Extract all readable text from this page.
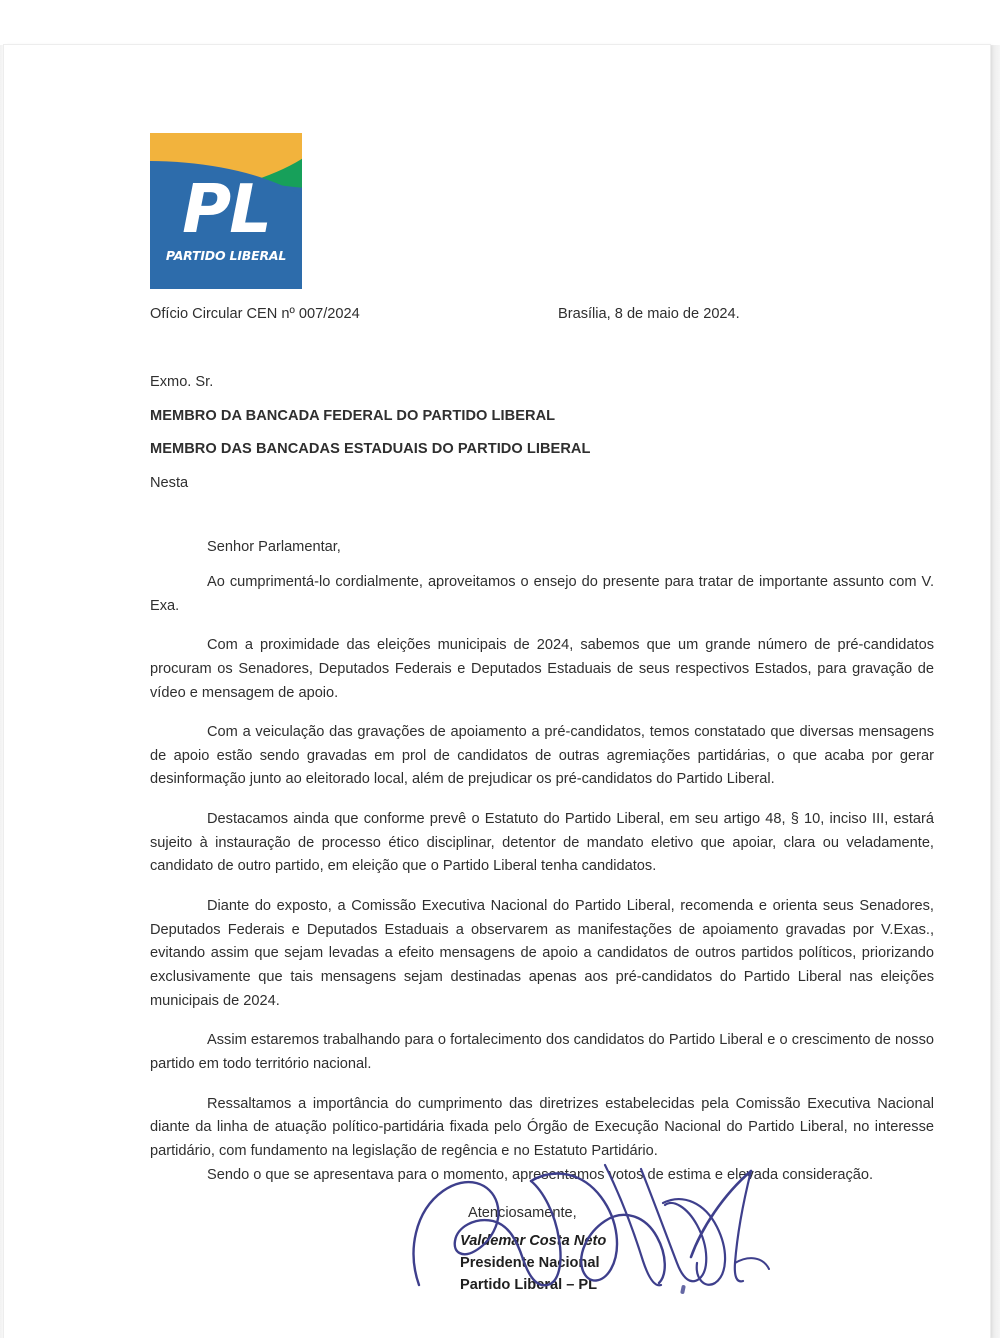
PL
PARTIDO LIBERAL
Ofício Circular CEN nº 007/2024	Brasília, 8 de maio de 2024.
Exmo. Sr.
MEMBRO DA BANCADA FEDERAL DO PARTIDO LIBERAL
MEMBRO DAS BANCADAS ESTADUAIS DO PARTIDO LIBERAL
Nesta
Senhor Parlamentar,

Ao cumprimentá-lo cordialmente, aproveitamos o ensejo do presente para tratar de importante assunto com V. Exa.

Com a proximidade das eleições municipais de 2024, sabemos que um grande número de pré-candidatos procuram os Senadores, Deputados Federais e Deputados Estaduais de seus respectivos Estados, para gravação de vídeo e mensagem de apoio.

Com a veiculação das gravações de apoiamento a pré-candidatos, temos constatado que diversas mensagens de apoio estão sendo gravadas em prol de candidatos de outras agremiações partidárias, o que acaba por gerar desinformação junto ao eleitorado local, além de prejudicar os pré-candidatos do Partido Liberal.

Destacamos ainda que conforme prevê o Estatuto do Partido Liberal, em seu artigo 48, § 10, inciso III, estará sujeito à instauração de processo ético disciplinar, detentor de mandato eletivo que apoiar, clara ou veladamente, candidato de outro partido, em eleição que o Partido Liberal tenha candidatos.

Diante do exposto, a Comissão Executiva Nacional do Partido Liberal, recomenda e orienta seus Senadores, Deputados Federais e Deputados Estaduais a observarem as manifestações de apoiamento gravadas por V.Exas., evitando assim que sejam levadas a efeito mensagens de apoio a candidatos de outros partidos políticos, priorizando exclusivamente que tais mensagens sejam destinadas apenas aos pré-candidatos do Partido Liberal nas eleições municipais de 2024.

Assim estaremos trabalhando para o fortalecimento dos candidatos do Partido Liberal e o crescimento de nosso partido em todo território nacional.

Ressaltamos a importância do cumprimento das diretrizes estabelecidas pela Comissão Executiva Nacional diante da linha de atuação político-partidária fixada pelo Órgão de Execução Nacional do Partido Liberal, no interesse partidário, com fundamento na legislação de regência e no Estatuto Partidário.

Sendo o que se apresentava para o momento, apresentamos votos de estima e elevada consideração.
Atenciosamente,
Valdemar Costa Neto
Presidente Nacional
Partido Liberal – PL
